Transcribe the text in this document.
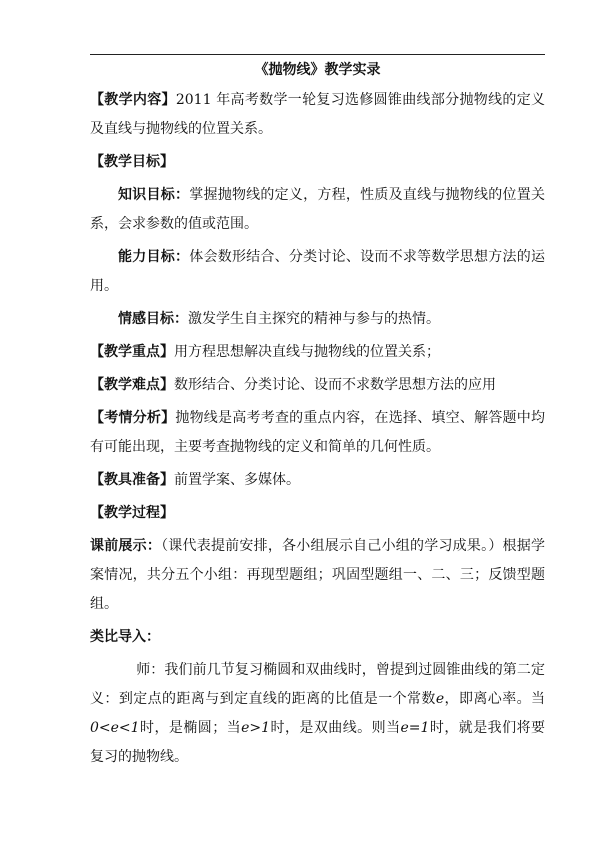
《抛物线》教学实录

【教学内容】2011 年高考数学一轮复习选修圆锥曲线部分抛物线的定义及直线与抛物线的位置关系。

【教学目标】

知识目标：掌握抛物线的定义，方程，性质及直线与抛物线的位置关系，会求参数的值或范围。

能力目标：体会数形结合、分类讨论、设而不求等数学思想方法的运用。

情感目标：激发学生自主探究的精神与参与的热情。

【教学重点】用方程思想解决直线与抛物线的位置关系；

【教学难点】数形结合、分类讨论、设而不求数学思想方法的应用

【考情分析】抛物线是高考考查的重点内容，在选择、填空、解答题中均有可能出现，主要考查抛物线的定义和简单的几何性质。

【教具准备】前置学案、多媒体。

【教学过程】

课前展示：（课代表提前安排，各小组展示自己小组的学习成果。）根据学案情况，共分五个小组：再现型题组；巩固型题组一、二、三；反馈型题组。

类比导入：

师：我们前几节复习椭圆和双曲线时，曾提到过圆锥曲线的第二定义：到定点的距离与到定直线的距离的比值是一个常数e，即离心率。当0<e<1时，是椭圆；当e>1时，是双曲线。则当e=1时，就是我们将要复习的抛物线。
